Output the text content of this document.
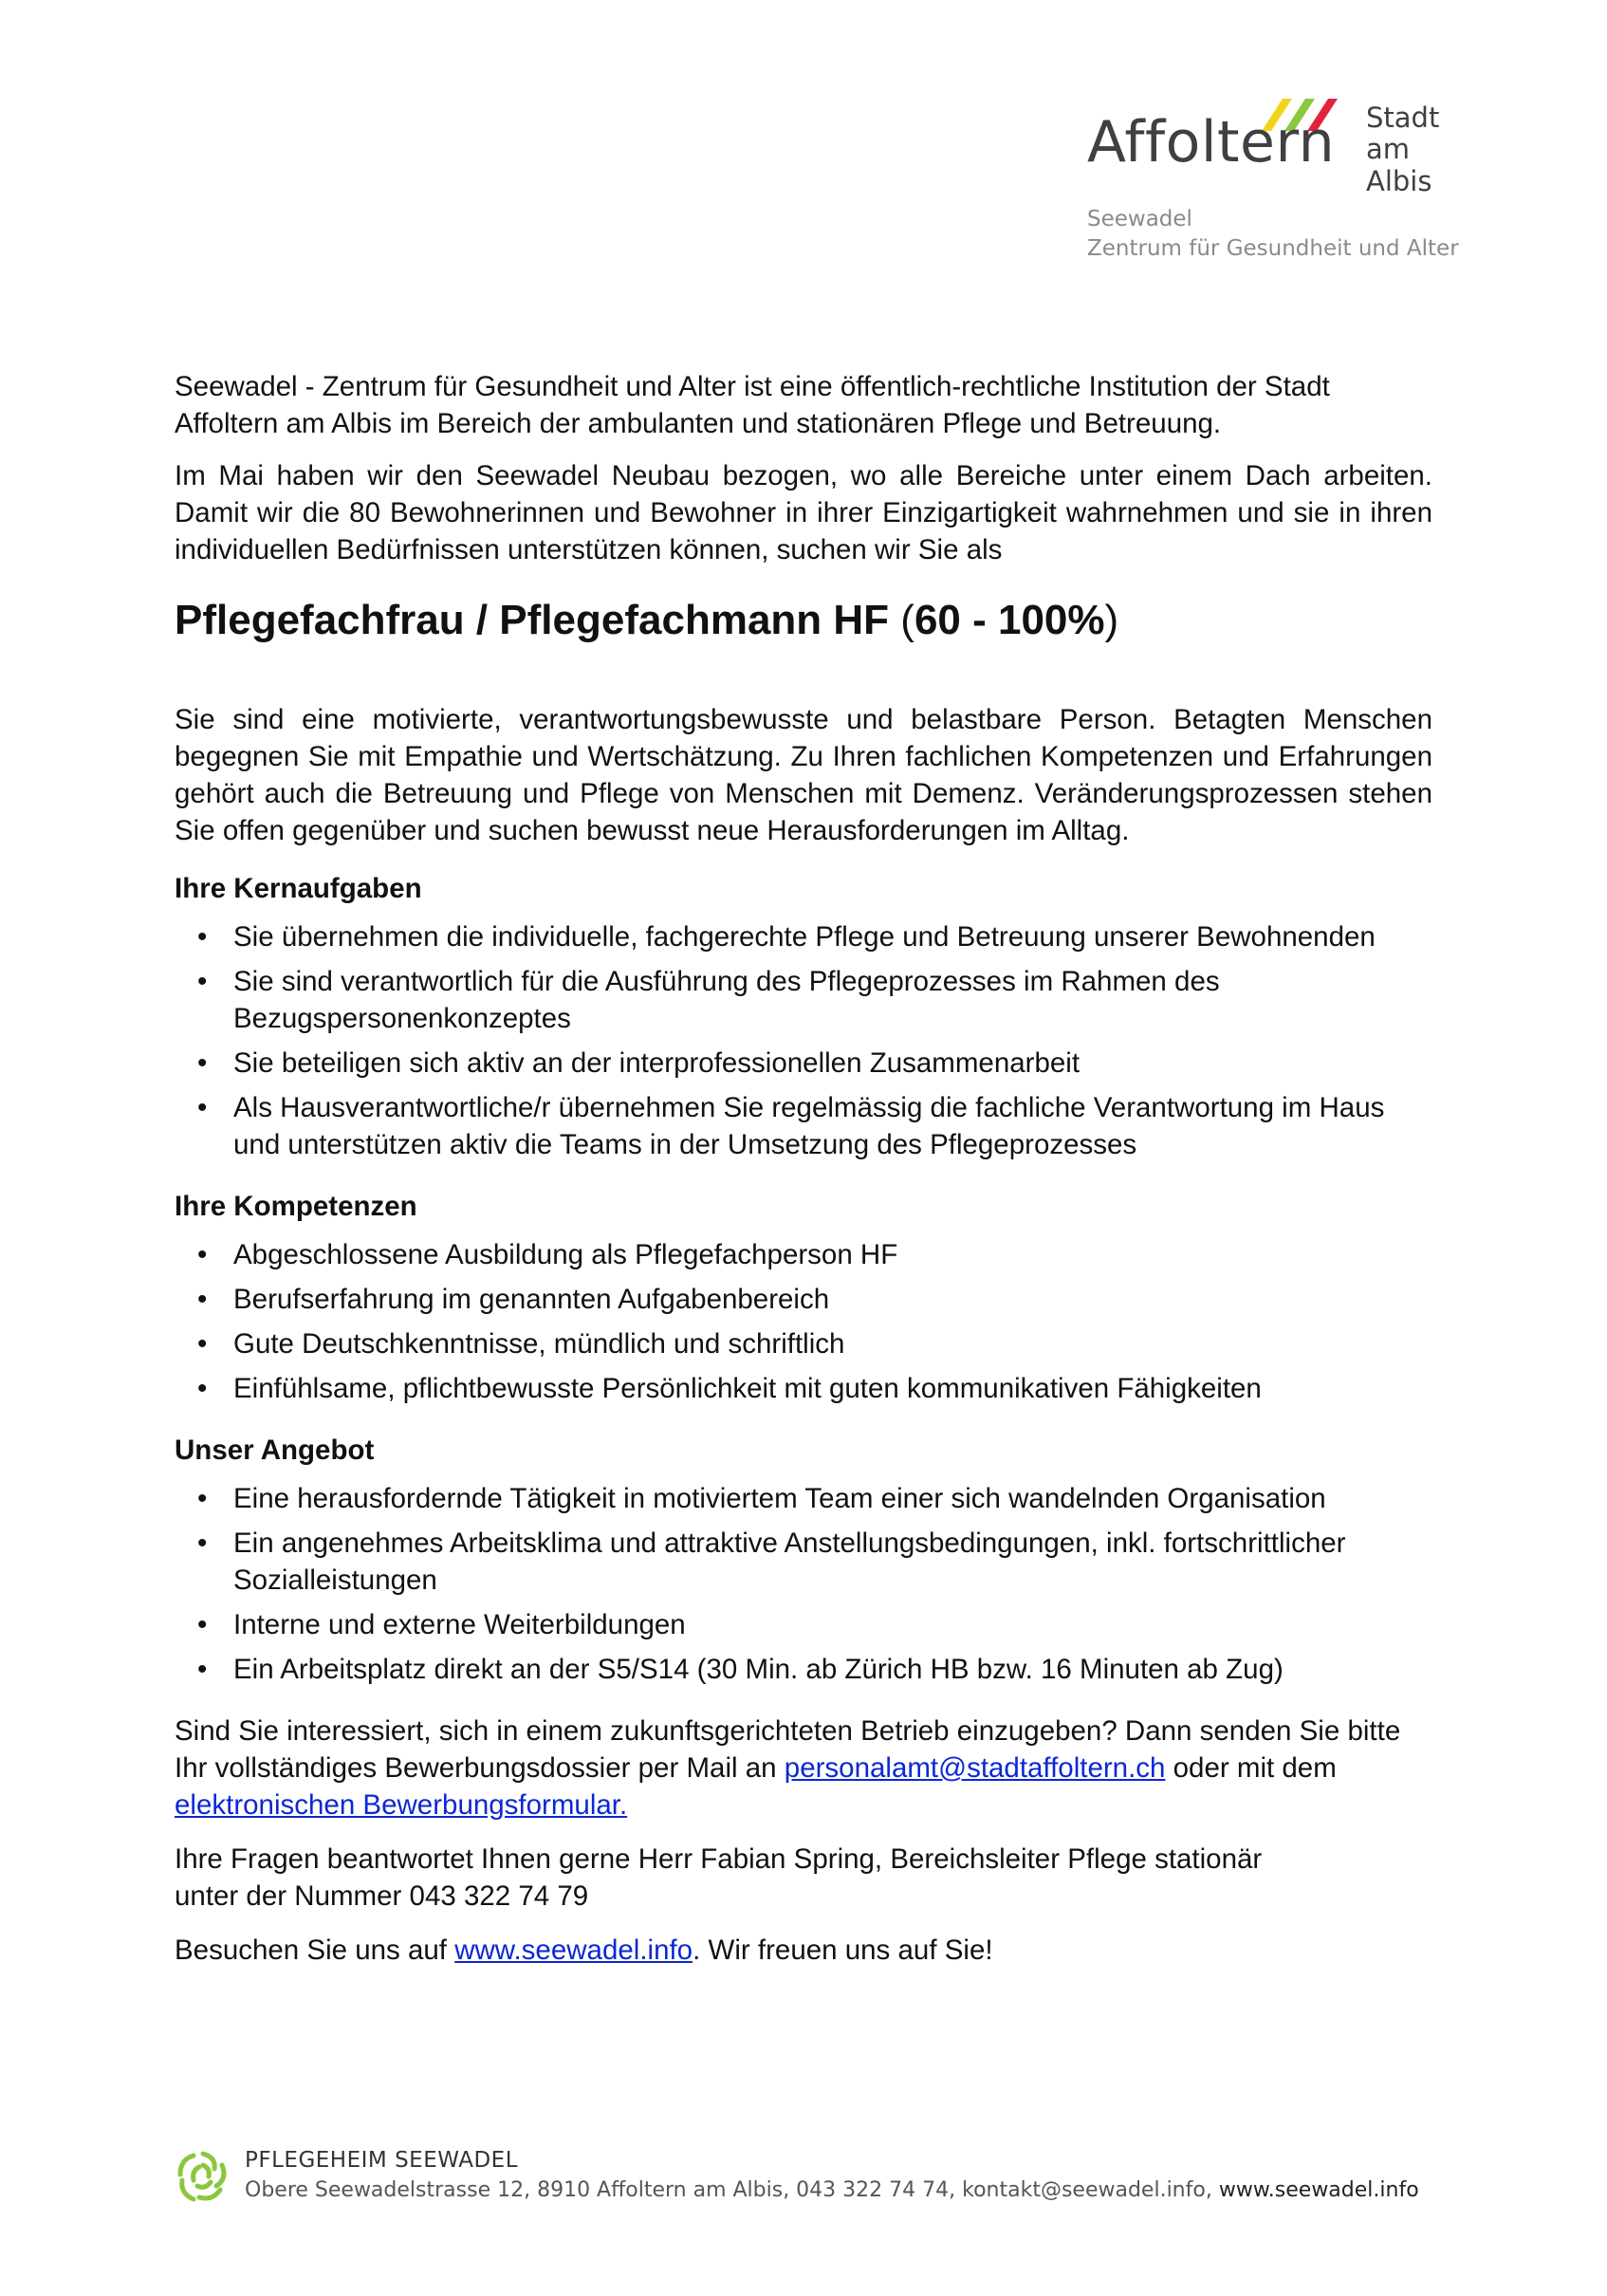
Affoltern Stadt
am Albis
Seewadel
Zentrum für Gesundheit und Alter

Seewadel - Zentrum für Gesundheit und Alter ist eine öffentlich-rechtliche Institution der Stadt Affoltern am Albis im Bereich der ambulanten und stationären Pflege und Betreuung.

Im Mai haben wir den Seewadel Neubau bezogen, wo alle Bereiche unter einem Dach arbeiten. Damit wir die 80 Bewohnerinnen und Bewohner in ihrer Einzigartigkeit wahrnehmen und sie in ihren individuellen Bedürfnissen unterstützen können, suchen wir Sie als

Pflegefachfrau / Pflegefachmann HF (60 - 100%)

Sie sind eine motivierte, verantwortungsbewusste und belastbare Person. Betagten Menschen begegnen Sie mit Empathie und Wertschätzung. Zu Ihren fachlichen Kompetenzen und Erfahrungen gehört auch die Betreuung und Pflege von Menschen mit Demenz. Veränderungsprozessen stehen Sie offen gegenüber und suchen bewusst neue Herausforderungen im Alltag.

Ihre Kernaufgaben
• Sie übernehmen die individuelle, fachgerechte Pflege und Betreuung unserer Bewohnenden
• Sie sind verantwortlich für die Ausführung des Pflegeprozesses im Rahmen des Bezugspersonenkonzeptes
• Sie beteiligen sich aktiv an der interprofessionellen Zusammenarbeit
• Als Hausverantwortliche/r übernehmen Sie regelmässig die fachliche Verantwortung im Haus und unterstützen aktiv die Teams in der Umsetzung des Pflegeprozesses
Ihre Kompetenzen
• Abgeschlossene Ausbildung als Pflegefachperson HF
• Berufserfahrung im genannten Aufgabenbereich
• Gute Deutschkenntnisse, mündlich und schriftlich
• Einfühlsame, pflichtbewusste Persönlichkeit mit guten kommunikativen Fähigkeiten
Unser Angebot
• Eine herausfordernde Tätigkeit in motiviertem Team einer sich wandelnden Organisation
• Ein angenehmes Arbeitsklima und attraktive Anstellungsbedingungen, inkl. fortschrittlicher Sozialleistungen
• Interne und externe Weiterbildungen
• Ein Arbeitsplatz direkt an der S5/S14 (30 Min. ab Zürich HB bzw. 16 Minuten ab Zug)

Sind Sie interessiert, sich in einem zukunftsgerichteten Betrieb einzugeben? Dann senden Sie bitte Ihr vollständiges Bewerbungsdossier per Mail an personalamt@stadtaffoltern.ch oder mit dem elektronischen Bewerbungsformular.

Ihre Fragen beantwortet Ihnen gerne Herr Fabian Spring, Bereichsleiter Pflege stationär
unter der Nummer 043 322 74 79

Besuchen Sie uns auf www.seewadel.info. Wir freuen uns auf Sie!

PFLEGEHEIM SEEWADEL
Obere Seewadelstrasse 12, 8910 Affoltern am Albis, 043 322 74 74, kontakt@seewadel.info, www.seewadel.info
